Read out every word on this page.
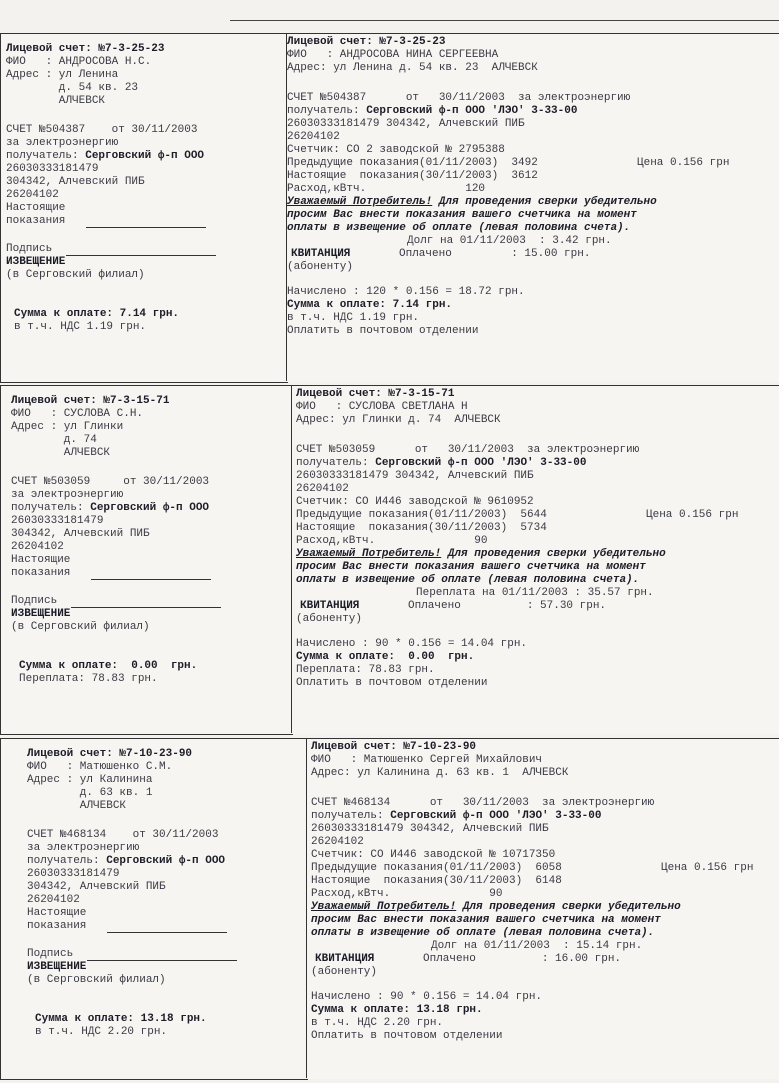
Лицевой счет: №7-3-25-23
ФИО   : АНДРОСОВА Н.С.
Адрес : ул Ленина
д. 54 кв. 23
АЛЧЕВСК
СЧЕТ №504387    от 30/11/2003
за электроэнергию
получатель: Серговский ф-п ООО
26030333181479
304342, Алчевский ПИБ
26204102
Настоящие
показания
Подпись
ИЗВЕЩЕНИЕ
(в Серговский филиал)
Сумма к оплате: 7.14 грн.
в т.ч. НДС 1.19 грн.
Лицевой счет: №7-3-25-23
ФИО   : АНДРОСОВА НИНА СЕРГЕЕВНА
Адрес: ул Ленина д. 54 кв. 23  АЛЧЕВСК
СЧЕТ №504387      от   30/11/2003  за электроэнергию
получатель: Серговский ф-п ООО 'ЛЭО' 3-33-00
26030333181479 304342, Алчевский ПИБ
26204102
Счетчик: СО 2 заводской № 2795388
Предыдущие показания(01/11/2003)  3492	Цена 0.156 грн
Настоящие  показания(30/11/2003)  3612
Расход,кВтч.               120
Уважаемый Потребитель! Для проведения сверки убедительно
просим Вас внести показания вашего счетчика на момент
оплаты в извещение об оплате (левая половина счета).
Долг на 01/11/2003  : 3.42 грн.
КВИТАНЦИЯ	Оплачено         : 15.00 грн.
(абоненту)
Начислено : 120 * 0.156 = 18.72 грн.
Сумма к оплате: 7.14 грн.
в т.ч. НДС 1.19 грн.
Оплатить в почтовом отделении
Лицевой счет: №7-3-15-71
ФИО   : СУСЛОВА С.Н.
Адрес : ул Глинки
д. 74
АЛЧЕВСК
СЧЕТ №503059     от 30/11/2003
за электроэнергию
получатель: Серговский ф-п ООО
26030333181479
304342, Алчевский ПИБ
26204102
Настоящие
показания
Подпись
ИЗВЕЩЕНИЕ
(в Серговский филиал)
Сумма к оплате:  0.00  грн.
Переплата: 78.83 грн.
Лицевой счет: №7-3-15-71
ФИО   : СУСЛОВА СВЕТЛАНА Н
Адрес: ул Глинки д. 74  АЛЧЕВСК
СЧЕТ №503059      от   30/11/2003  за электроэнергию
получатель: Серговский ф-п ООО 'ЛЭО' 3-33-00
26030333181479 304342, Алчевский ПИБ
26204102
Счетчик: СО И446 заводской № 9610952
Предыдущие показания(01/11/2003)  5644	Цена 0.156 грн
Настоящие  показания(30/11/2003)  5734
Расход,кВтч.               90
Уважаемый Потребитель! Для проведения сверки убедительно
просим Вас внести показания вашего счетчика на момент
оплаты в извещение об оплате (левая половина счета).
Переплата на 01/11/2003 : 35.57 грн.
КВИТАНЦИЯ	Оплачено          : 57.30 грн.
(абоненту)
Начислено : 90 * 0.156 = 14.04 грн.
Сумма к оплате:  0.00  грн.
Переплата: 78.83 грн.
Оплатить в почтовом отделении
Лицевой счет: №7-10-23-90
ФИО   : Матюшенко С.М.
Адрес : ул Калинина
д. 63 кв. 1
АЛЧЕВСК
СЧЕТ №468134    от 30/11/2003
за электроэнергию
получатель: Серговский ф-п ООО
26030333181479
304342, Алчевский ПИБ
26204102
Настоящие
показания
Подпись
ИЗВЕЩЕНИЕ
(в Серговский филиал)
Сумма к оплате: 13.18 грн.
в т.ч. НДС 2.20 грн.
Лицевой счет: №7-10-23-90
ФИО   : Матюшенко Сергей Михайлович
Адрес: ул Калинина д. 63 кв. 1  АЛЧЕВСК
СЧЕТ №468134      от   30/11/2003  за электроэнергию
получатель: Серговский ф-п ООО 'ЛЭО' 3-33-00
26030333181479 304342, Алчевский ПИБ
26204102
Счетчик: СО И446 заводской № 10717350
Предыдущие показания(01/11/2003)  6058	Цена 0.156 грн
Настоящие  показания(30/11/2003)  6148
Расход,кВтч.               90
Уважаемый Потребитель! Для проведения сверки убедительно
просим Вас внести показания вашего счетчика на момент
оплаты в извещение об оплате (левая половина счета).
Долг на 01/11/2003  : 15.14 грн.
КВИТАНЦИЯ	Оплачено          : 16.00 грн.
(абоненту)
Начислено : 90 * 0.156 = 14.04 грн.
Сумма к оплате: 13.18 грн.
в т.ч. НДС 2.20 грн.
Оплатить в почтовом отделении
